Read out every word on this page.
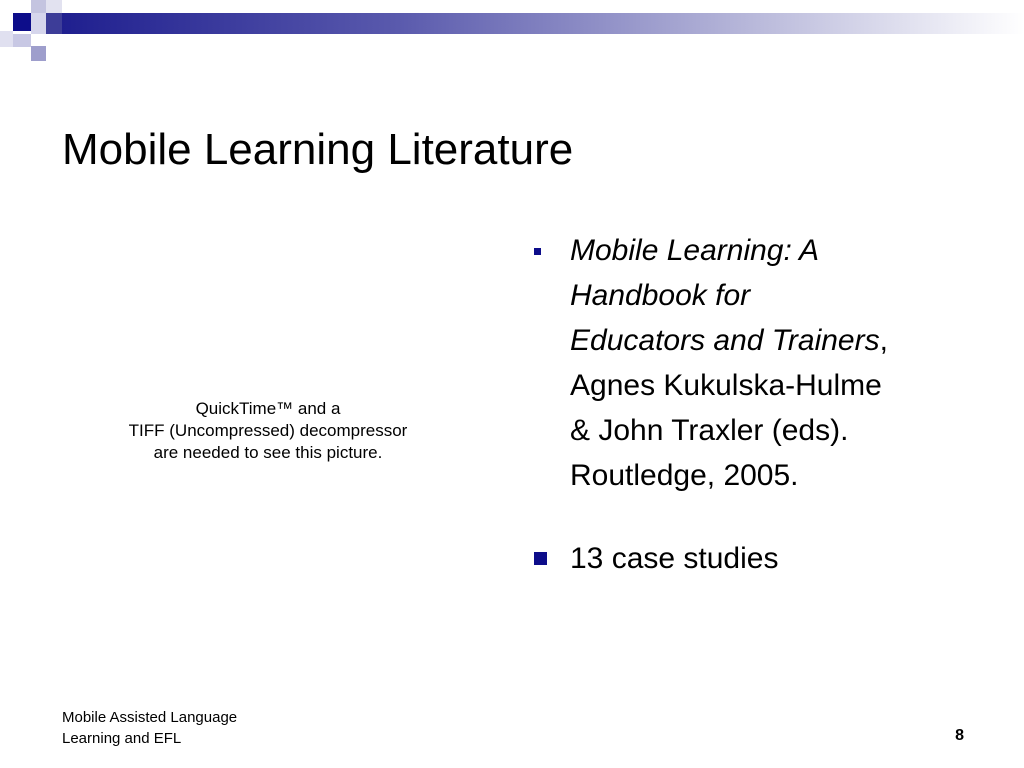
Mobile Learning Literature
QuickTime™ and a
TIFF (Uncompressed) decompressor
are needed to see this picture.
Mobile Learning: A
Handbook for
Educators and Trainers,
Agnes Kukulska-Hulme
& John Traxler (eds).
Routledge, 2005.
13 case studies
Mobile Assisted Language
Learning and EFL	8
